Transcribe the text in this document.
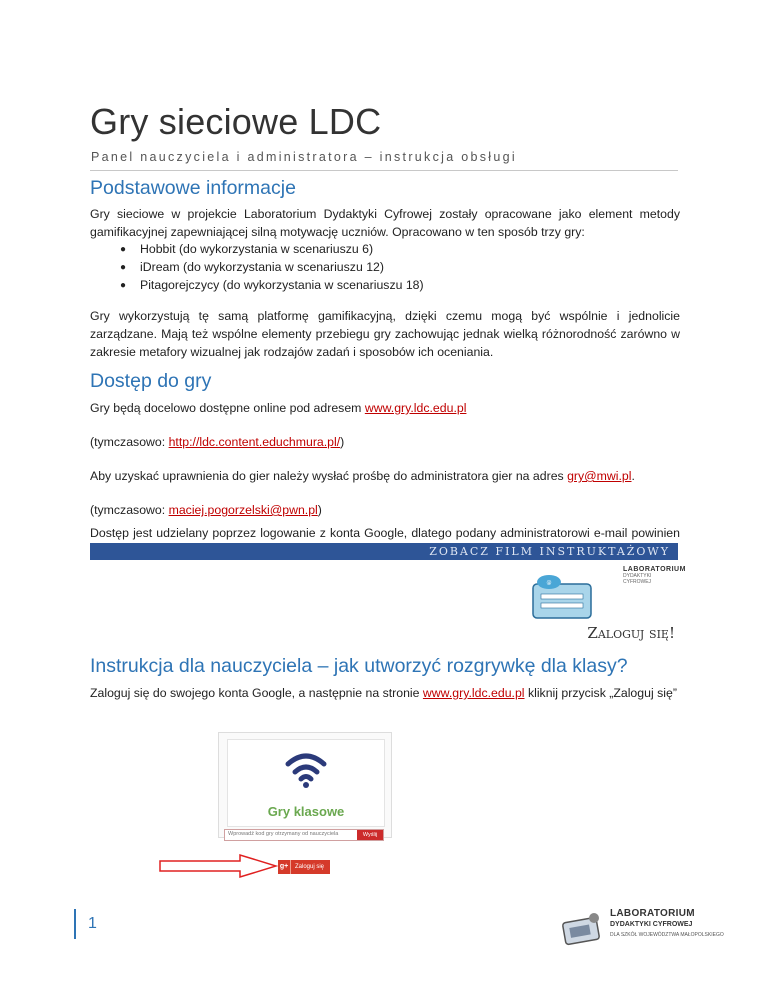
Gry sieciowe LDC
Panel nauczyciela i administratora – instrukcja obsługi
Podstawowe informacje

Gry sieciowe w projekcie Laboratorium Dydaktyki Cyfrowej zostały opracowane jako element metody gamifikacyjnej zapewniającej silną motywację uczniów. Opracowano w ten sposób trzy gry:

● Hobbit (do wykorzystania w scenariuszu 6)
● iDream (do wykorzystania w scenariuszu 12)
● Pitagorejczycy (do wykorzystania w scenariuszu 18)

Gry wykorzystują tę samą platformę gamifikacyjną, dzięki czemu mogą być wspólnie i jednolicie zarządzane. Mają też wspólne elementy przebiegu gry zachowując jednak wielką różnorodność zarówno w zakresie metafory wizualnej jak rodzajów zadań i sposobów ich oceniania.

Dostęp do gry

Gry będą docelowo dostępne online pod adresem www.gry.ldc.edu.pl

(tymczasowo: http://ldc.content.educhmura.pl/)

Aby uzyskać uprawnienia do gier należy wysłać prośbę do administratora gier na adres gry@mwi.pl.

(tymczasowo: maciej.pogorzelski@pwn.pl)

Dostęp jest udzielany poprzez logowanie z konta Google, dlatego podany administratorowi e-mail powinien

ZOBACZ FILM INSTRUKTAŻOWY
@
LABORATORIUM
DYDAKTYKI CYFROWEJ
Zaloguj się!
Instrukcja dla nauczyciela – jak utworzyć rozgrywkę dla klasy?

Zaloguj się do swojego konta Google, a następnie na stronie www.gry.ldc.edu.pl kliknij przycisk „Zaloguj się”

Gry klasowe
Wprowadź kod gry otrzymany od nauczyciela	Wyślij
g+ Zaloguj się
1
LABORATORIUM
DYDAKTYKI CYFROWEJ
DLA SZKÓŁ WOJEWÓDZTWA MAŁOPOLSKIEGO
